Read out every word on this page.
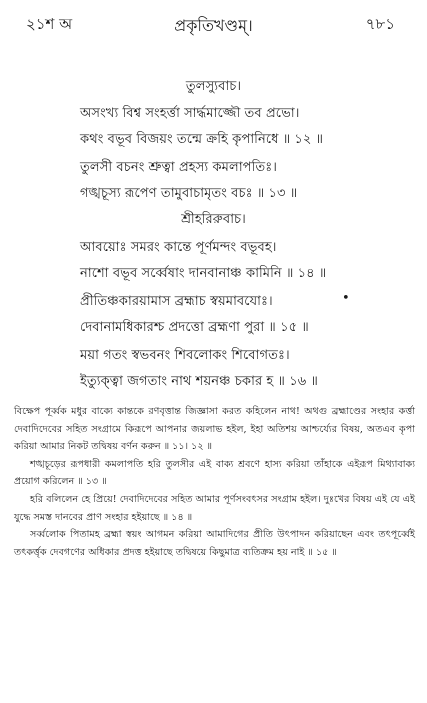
২১শ অ	প্রকৃতিখণ্ডম্।	৭৮১
তুলস্যুবাচ।
অসংখ্য বিশ্ব সংহর্ত্তা সার্দ্ধমাজ্জৌ তব প্রভো।
কথং বভূব বিজয়ং তন্মে ক্রহি কৃপানিধে ॥ ১২ ॥
তুলসী বচনং শ্রুত্বা প্রহস্য কমলাপতিঃ।
গঙ্খচূস্য রূপেণ তামুবাচামৃতং বচঃ ॥ ১৩ ॥
শ্রীহরিরুবাচ।
আবয়োঃ সমরং কান্তে পূর্ণমন্দং বভূবহ।
নাশো বভূব সর্ব্বেষাং দানবানাঞ্চ কামিনি ॥ ১৪ ॥
প্রীতিঞ্চকারয়ামাস ব্রহ্মাচ স্বয়মাবযোঃ।	•
দেবানামধিকারশ্চ প্রদত্তো ব্রহ্মণা পুরা ॥ ১৫ ॥
ময়া গতং স্বভবনং শিবলোকং শিবোগতঃ।
ইত্যুক্ত্বা জগতাং নাথ শয়নঞ্চ চকার হ ॥ ১৬ ॥

বিক্ষেপ পূর্ব্বক মধুর বাক্যে কান্তকে রণবৃত্তান্ত জিজ্ঞাসা করত কহিলেন নাথ! অথগু ব্রহ্মাণ্ডের সংহার কর্ত্তা দেবাদিদেবের সহিত সংগ্রামে কিরূপে আপনার জয়লাভ হইল, ইহা অতিশয় আশ্চর্য্যের বিষয়, অতএব কৃপা করিয়া আমার নিকট তদ্বিষয় বর্ণন করুন ॥ ১১। ১২ ॥

শঙ্খচূড়ের রূপধারী কমলাপতি হরি তুলসীর এই বাক্য শ্রবণে হাস্য করিয়া তাঁহাকে এইরূপ মিথ্যাবাক্য প্রয়োগ করিলেন ॥ ১৩ ॥

হরি বলিলেন হে প্রিয়ে! দেবাদিদেবের সহিত আমার পূর্ণসংবৎসর সংগ্রাম হইল। দুঃখের বিষয় এই যে এই যুদ্ধে সমস্ত দানবের প্রাণ সংহার হইয়াছে ॥ ১৪ ॥

সর্ব্বলোক পিতামহ ব্রহ্মা স্বয়ং আগমন করিয়া আমাদিগের প্রীতি উৎপাদন করিয়াছেন এবং তৎপূর্ব্বেই তৎকর্ত্তৃক দেবগণের অধিকার প্রদত্ত হইয়াছে তদ্বিষয়ে কিছুমাত্র ব্যতিক্রম হয় নাই ॥ ১৫ ॥
